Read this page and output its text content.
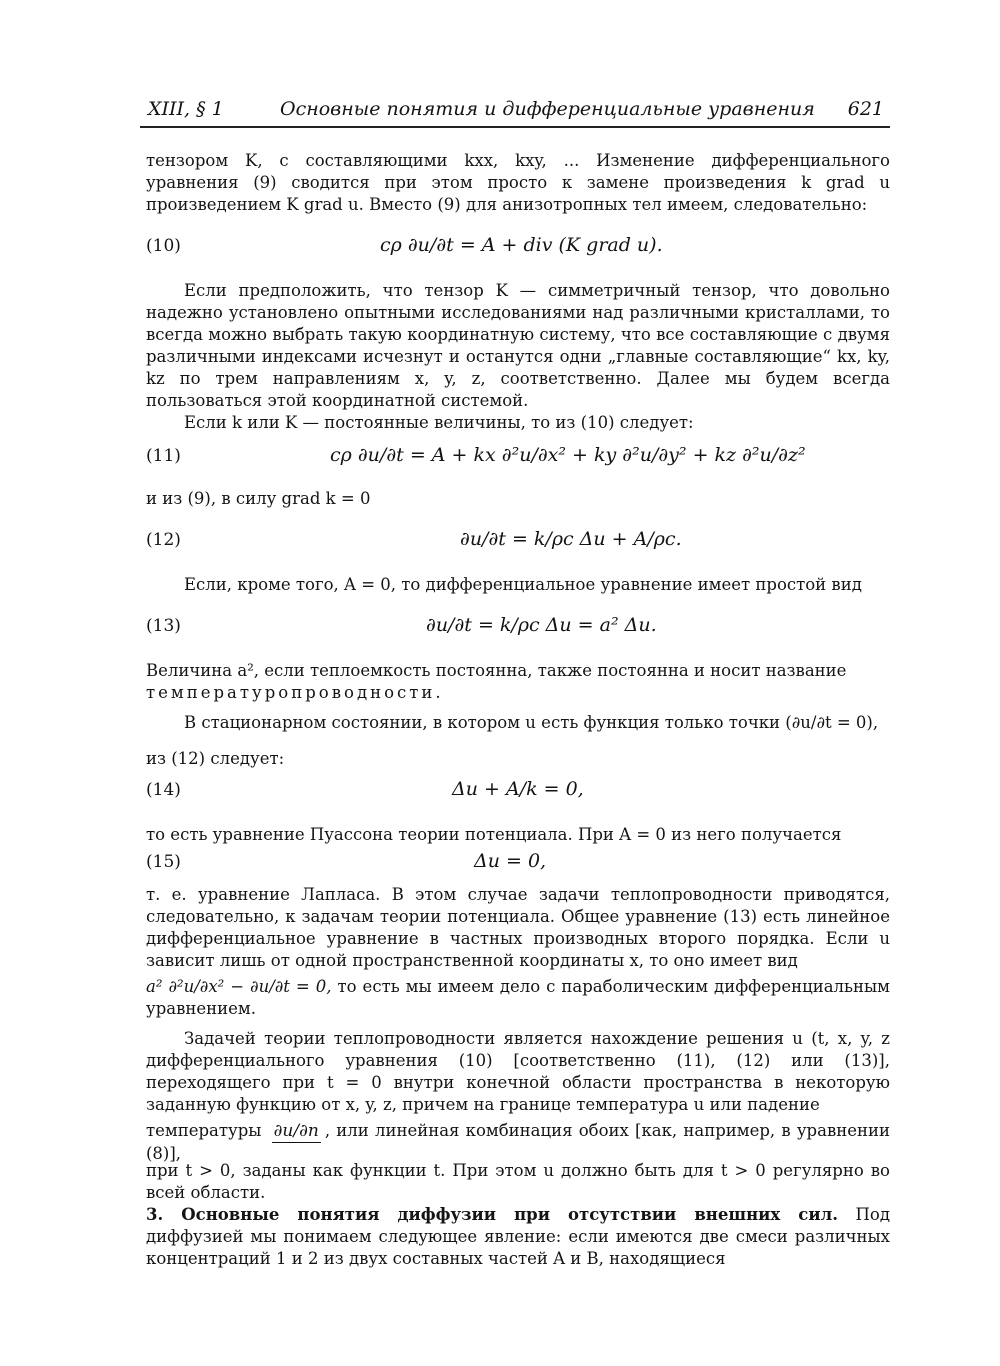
XIII, § 1	Основные понятия и дифференциальные уравнения 621

тензором K, с составляющими kxx, kxy, ... Изменение дифференциального уравнения (9) сводится при этом просто к замене произведения k grad u произведением K grad u. Вместо (9) для анизотропных тел имеем, следовательно:

(10)	cρ ∂u/∂t = A + div (K grad u).

Если предположить, что тензор K — симметричный тензор, что довольно надежно установлено опытными исследованиями над различными кристаллами, то всегда можно выбрать такую координатную систему, что все составляющие с двумя различными индексами исчезнут и останутся одни „главные составляющие“ kx, ky, kz по трем направлениям x, y, z, соответственно. Далее мы будем всегда пользоваться этой координатной системой.

Если k или K — постоянные величины, то из (10) следует:

(11)	cρ ∂u/∂t = A + kx ∂²u/∂x² + ky ∂²u/∂y² + kz ∂²u/∂z²

и из (9), в силу grad k = 0

(12)	∂u/∂t = k/ρc Δu + A/ρc.

Если, кроме того, A = 0, то дифференциальное уравнение имеет простой вид

(13)	∂u/∂t = k/ρc Δu = a² Δu.

Величина a², если теплоемкость постоянна, также постоянна и носит название
температуропроводности.

В стационарном состоянии, в котором u есть функция только точки (∂u/∂t = 0),

из (12) следует:

(14)	Δu + A/k = 0,

то есть уравнение Пуассона теории потенциала. При A = 0 из него получается

(15)	Δu = 0,

т. е. уравнение Лапласа. В этом случае задачи теплопроводности приводятся, следовательно, к задачам теории потенциала. Общее уравнение (13) есть линейное дифференциальное уравнение в частных производных второго порядка. Если u зависит лишь от одной пространственной координаты x, то оно имеет вид

a² ∂²u/∂x² − ∂u/∂t = 0, то есть мы имеем дело с параболическим дифференциальным уравнением.

Задачей теории теплопроводности является нахождение решения u (t, x, y, z дифференциального уравнения (10) [соответственно (11), (12) или (13)], переходящего при t = 0 внутри конечной области пространства в некоторую заданную функцию от x, y, z, причем на границе температура u или падение

температуры ∂u/∂n , или линейная комбинация обоих [как, например, в уравнении (8)],

при t > 0, заданы как функции t. При этом u должно быть для t > 0 регулярно во всей области.

3. Основные понятия диффузии при отсутствии внешних сил. Под диффузией мы понимаем следующее явление: если имеются две смеси различных концентраций 1 и 2 из двух составных частей A и B, находящиеся
